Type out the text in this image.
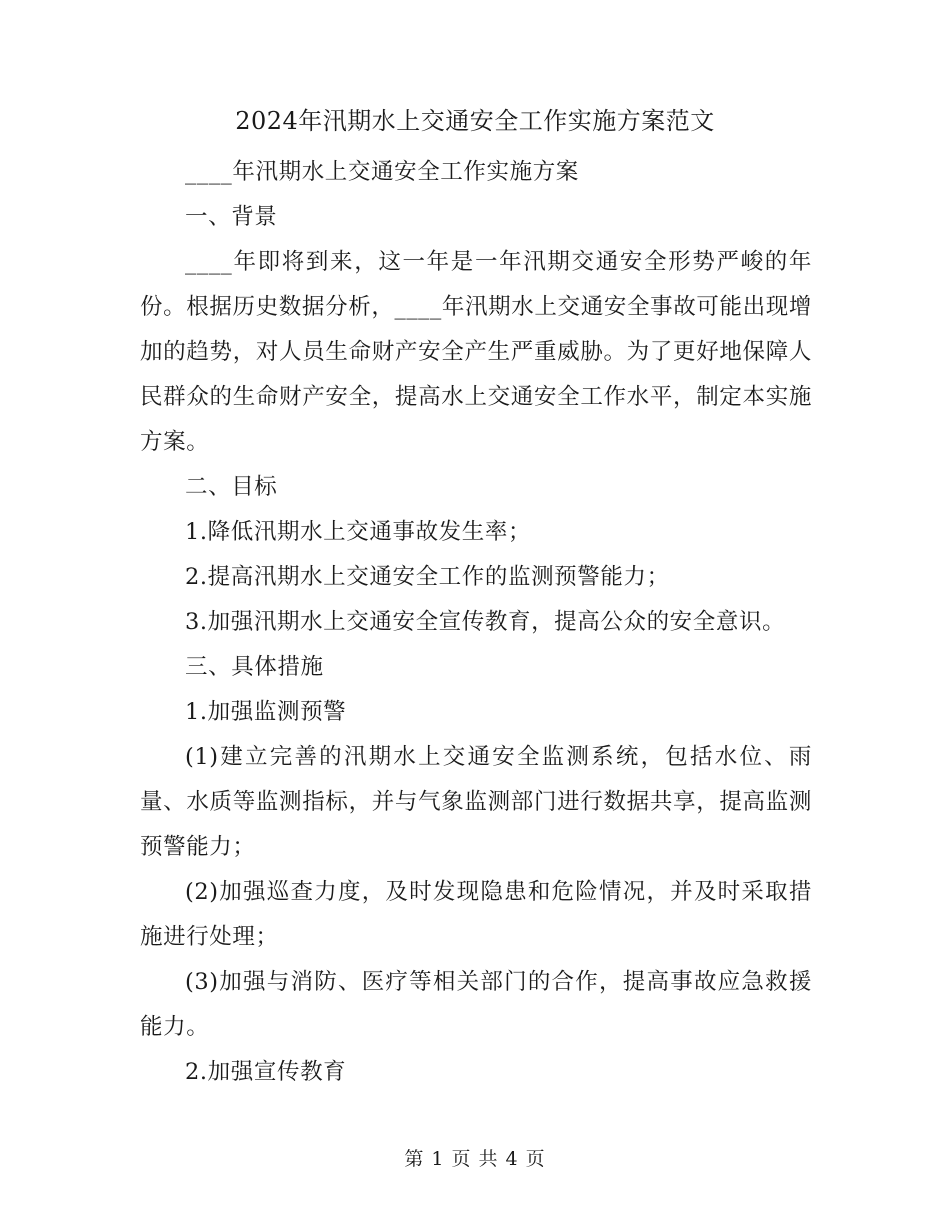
2024年汛期水上交通安全工作实施方案范文

____年汛期水上交通安全工作实施方案

一、背景

____年即将到来，这一年是一年汛期交通安全形势严峻的年份。根据历史数据分析，____年汛期水上交通安全事故可能出现增加的趋势，对人员生命财产安全产生严重威胁。为了更好地保障人民群众的生命财产安全，提高水上交通安全工作水平，制定本实施方案。

二、目标

1.降低汛期水上交通事故发生率；

2.提高汛期水上交通安全工作的监测预警能力；

3.加强汛期水上交通安全宣传教育，提高公众的安全意识。

三、具体措施

1.加强监测预警

(1)建立完善的汛期水上交通安全监测系统，包括水位、雨量、水质等监测指标，并与气象监测部门进行数据共享，提高监测预警能力；

(2)加强巡查力度，及时发现隐患和危险情况，并及时采取措施进行处理；

(3)加强与消防、医疗等相关部门的合作，提高事故应急救援能力。

2.加强宣传教育

第 1 页 共 4 页
